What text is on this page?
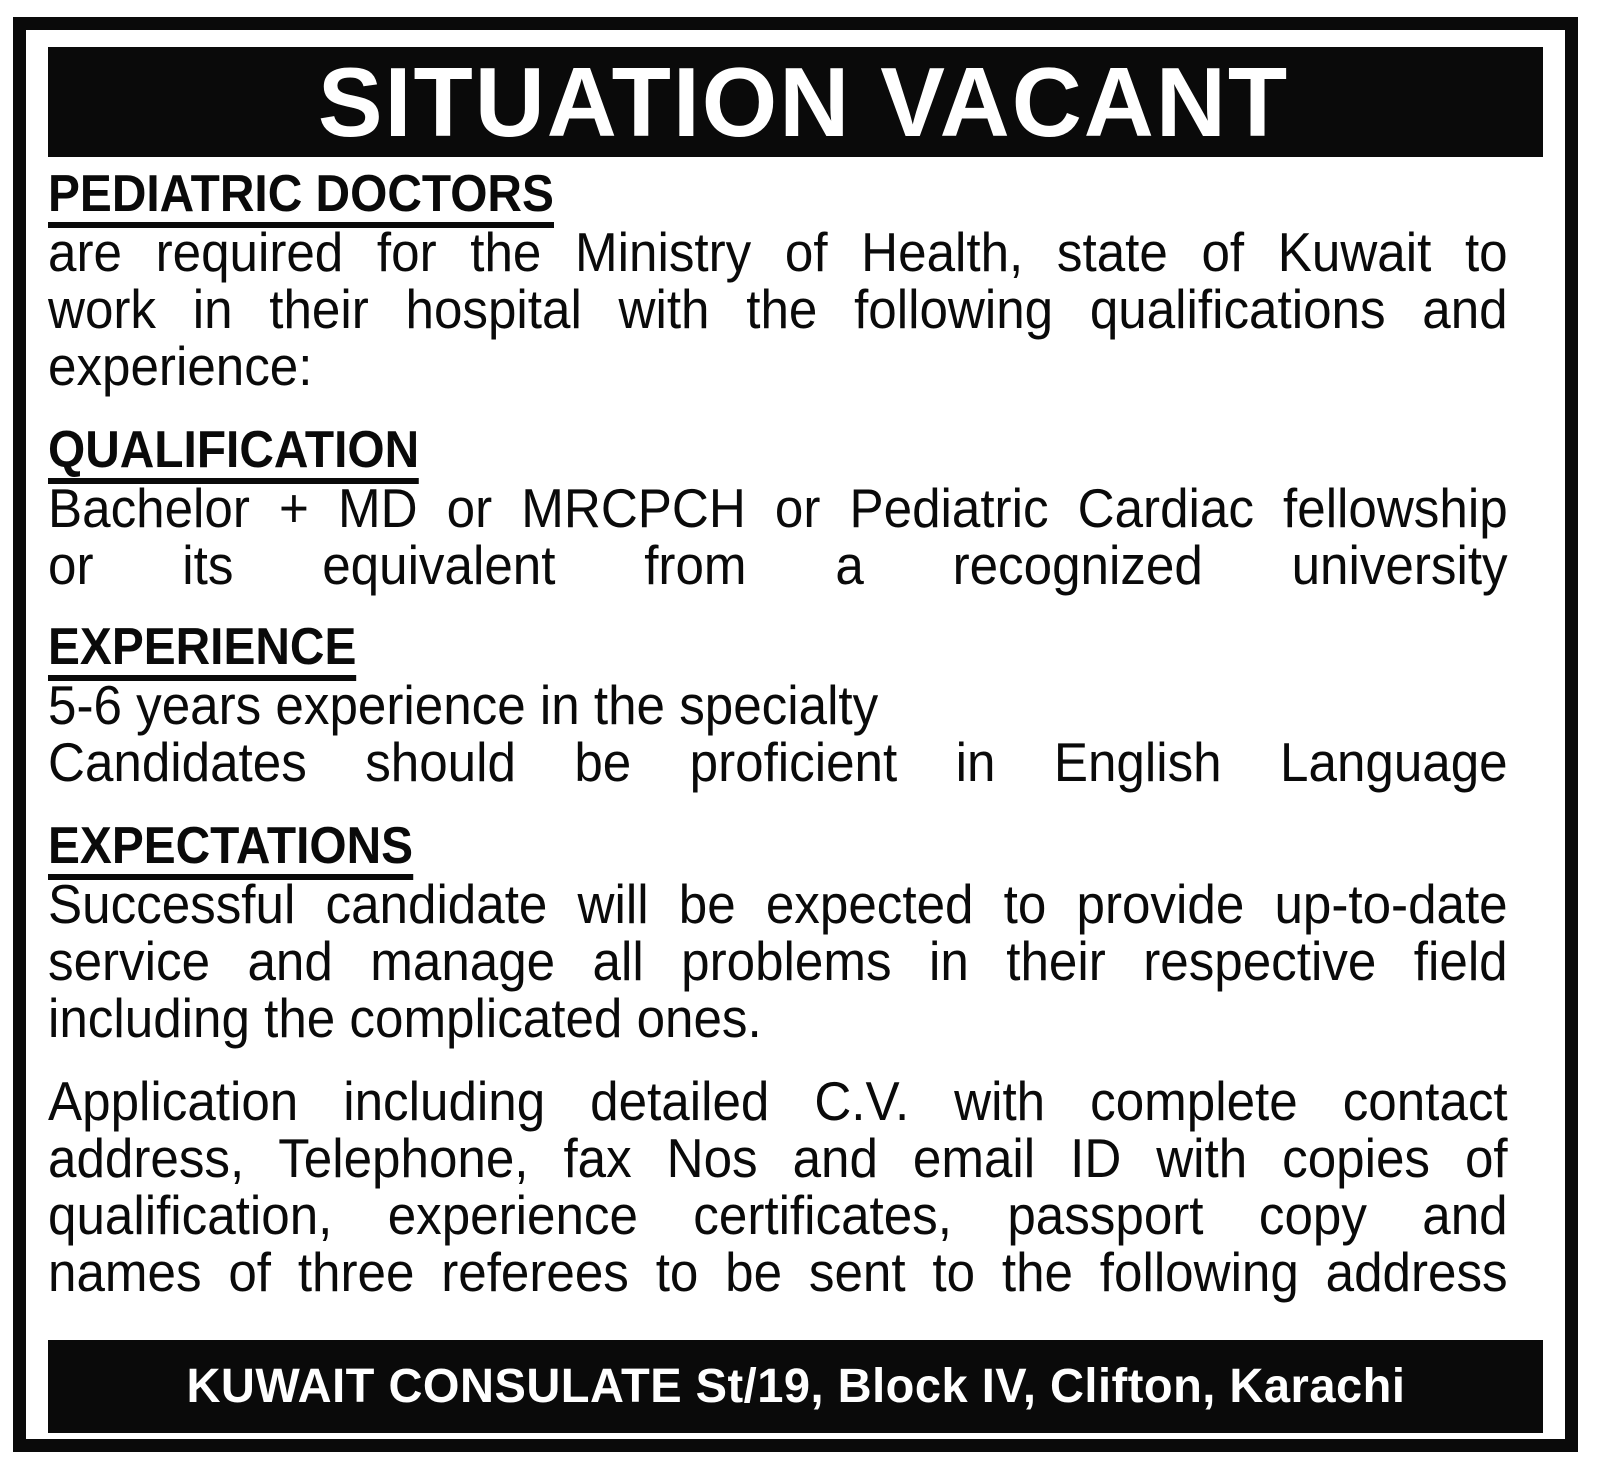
SITUATION VACANT
PEDIATRIC DOCTORS
are required for the Ministry of Health, state of Kuwait to
work in their hospital with the following qualifications and
experience:
QUALIFICATION
Bachelor + MD or MRCPCH or Pediatric Cardiac fellowship
or its equivalent from a recognized university
EXPERIENCE
5-6 years experience in the specialty
Candidates should be proficient in English Language
EXPECTATIONS
Successful candidate will be expected to provide up-to-date
service and manage all problems in their respective field
including the complicated ones.
Application including detailed C.V. with complete contact
address, Telephone, fax Nos and email ID with copies of
qualification, experience certificates, passport copy and
names of three referees to be sent to the following address
KUWAIT CONSULATE St/19, Block IV, Clifton, Karachi
